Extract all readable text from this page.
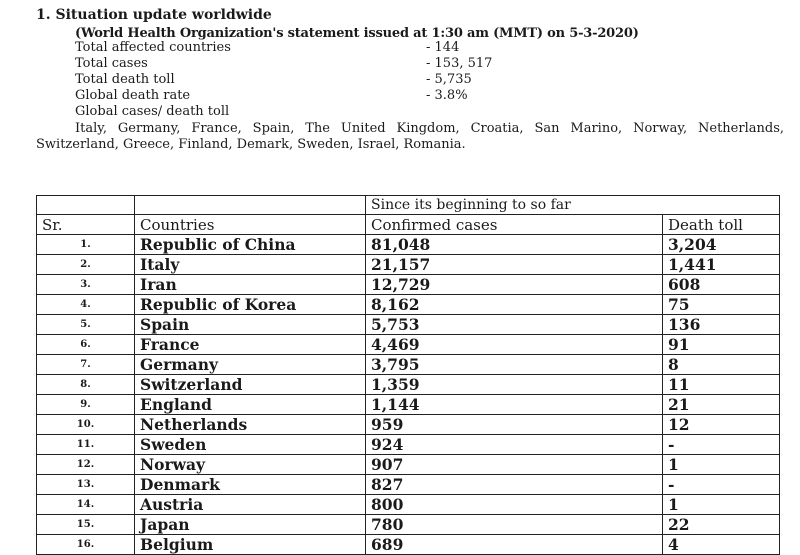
1. Situation update worldwide
(World Health Organization's statement issued at 1:30 am (MMT) on 5-3-2020)
Total affected countries	- 144
Total cases	- 153, 517
Total death toll	- 5,735
Global death rate	- 3.8%
Global cases/ death toll
Italy, Germany, France, Spain, The United Kingdom, Croatia, San Marino, Norway, Netherlands, Switzerland, Greece, Finland, Demark, Sweden, Israel, Romania.
		Since its beginning to so far	
Sr.	Countries	Confirmed cases	Death toll
1.	Republic of China	81,048	3,204
2.	Italy	21,157	1,441
3.	Iran	12,729	608
4.	Republic of Korea	8,162	75
5.	Spain	5,753	136
6.	France	4,469	91
7.	Germany	3,795	8
8.	Switzerland	1,359	11
9.	England	1,144	21
10.	Netherlands	959	12
11.	Sweden	924	-
12.	Norway	907	1
13.	Denmark	827	-
14.	Austria	800	1
15.	Japan	780	22
16.	Belgium	689	4
